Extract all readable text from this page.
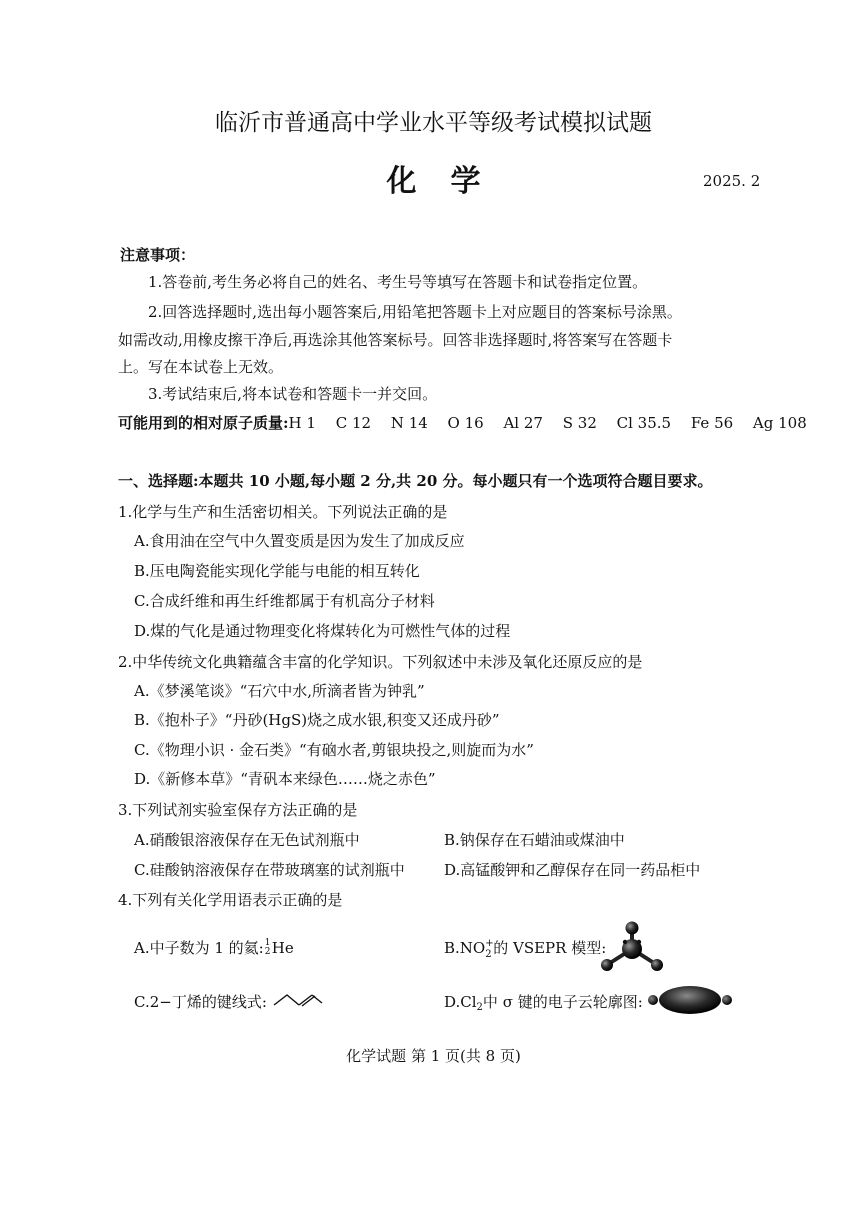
临沂市普通高中学业水平等级考试模拟试题
化学	2025. 2
注意事项：
1.答卷前,考生务必将自己的姓名、考生号等填写在答题卡和试卷指定位置。
2.回答选择题时,选出每小题答案后,用铅笔把答题卡上对应题目的答案标号涂黑。
如需改动,用橡皮擦干净后,再选涂其他答案标号。回答非选择题时,将答案写在答题卡
上。写在本试卷上无效。
3.考试结束后,将本试卷和答题卡一并交回。
可能用到的相对原子质量:H 1　 C 12　 N 14　 O 16　 Al 27　 S 32　 Cl 35.5　 Fe 56　 Ag 108
一、选择题:本题共 10 小题,每小题 2 分,共 20 分。每小题只有一个选项符合题目要求。
1.化学与生产和生活密切相关。下列说法正确的是
A.食用油在空气中久置变质是因为发生了加成反应
B.压电陶瓷能实现化学能与电能的相互转化
C.合成纤维和再生纤维都属于有机高分子材料
D.煤的气化是通过物理变化将煤转化为可燃性气体的过程
2.中华传统文化典籍蕴含丰富的化学知识。下列叙述中未涉及氧化还原反应的是
A.《梦溪笔谈》“石穴中水,所滴者皆为钟乳”
B.《抱朴子》“丹砂(HgS)烧之成水银,积变又还成丹砂”
C.《物理小识 · 金石类》“有硇水者,剪银块投之,则旋而为水”
D.《新修本草》“青矾本来绿色……烧之赤色”
3.下列试剂实验室保存方法正确的是
A.硝酸银溶液保存在无色试剂瓶中	B.钠保存在石蜡油或煤油中
C.硅酸钠溶液保存在带玻璃塞的试剂瓶中	D.高锰酸钾和乙醇保存在同一药品柜中
4.下列有关化学用语表示正确的是
A.中子数为 1 的氦: 1
2 He	B.NO +
2 的 VSEPR 模型:
C.2−丁烯的键线式:	$D.Cl_2$中 σ 键的电子云轮廓图:
化学试题 第 1 页(共 8 页)
